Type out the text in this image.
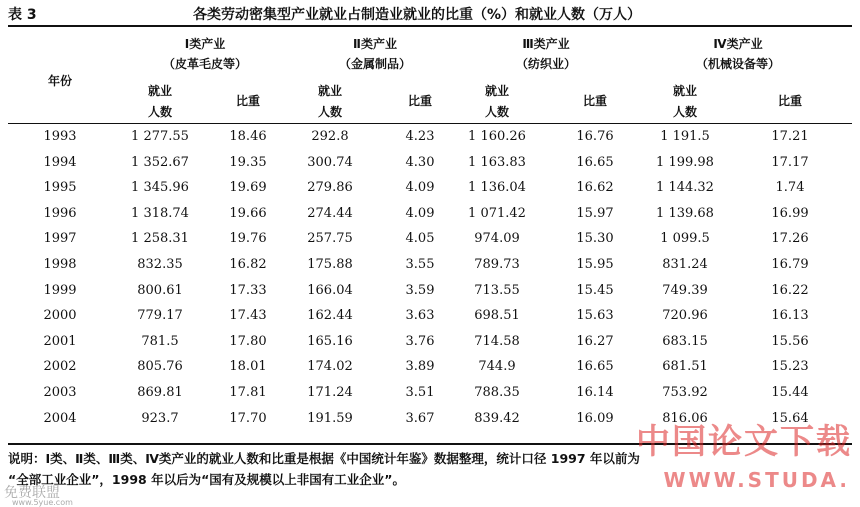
表 3	各类劳动密集型产业就业占制造业就业的比重（%）和就业人数（万人）
年份
Ⅰ类产业
（皮革毛皮等）
Ⅱ类产业
（金属制品）
Ⅲ类产业
（纺织业）
Ⅳ类产业
（机械设备等）
就业
人数
比重
就业
人数
比重
就业
人数
比重
就业
人数
比重
1993	1 277.55	18.46	292.8	4.23	1 160.26	16.76	1 191.5	17.21
1994	1 352.67	19.35	300.74	4.30	1 163.83	16.65	1 199.98	17.17
1995	1 345.96	19.69	279.86	4.09	1 136.04	16.62	1 144.32	1.74
1996	1 318.74	19.66	274.44	4.09	1 071.42	15.97	1 139.68	16.99
1997	1 258.31	19.76	257.75	4.05	974.09	15.30	1 099.5	17.26
1998	832.35	16.82	175.88	3.55	789.73	15.95	831.24	16.79
1999	800.61	17.33	166.04	3.59	713.55	15.45	749.39	16.22
2000	779.17	17.43	162.44	3.63	698.51	15.63	720.96	16.13
2001	781.5	17.80	165.16	3.76	714.58	16.27	683.15	15.56
2002	805.76	18.01	174.02	3.89	744.9	16.65	681.51	15.23
2003	869.81	17.81	171.24	3.51	788.35	16.14	753.92	15.44
2004	923.7	17.70	191.59	3.67	839.42	16.09	816.06	15.64
说明：Ⅰ类、Ⅱ类、Ⅲ类、Ⅳ类产业的就业人数和比重是根据《中国统计年鉴》数据整理，统计口径 1997 年以前为
“全部工业企业”，1998 年以后为“国有及规模以上非国有工业企业”。
中国论文下载
WWW.STUDA.
免费联盟
www.5yue.com
